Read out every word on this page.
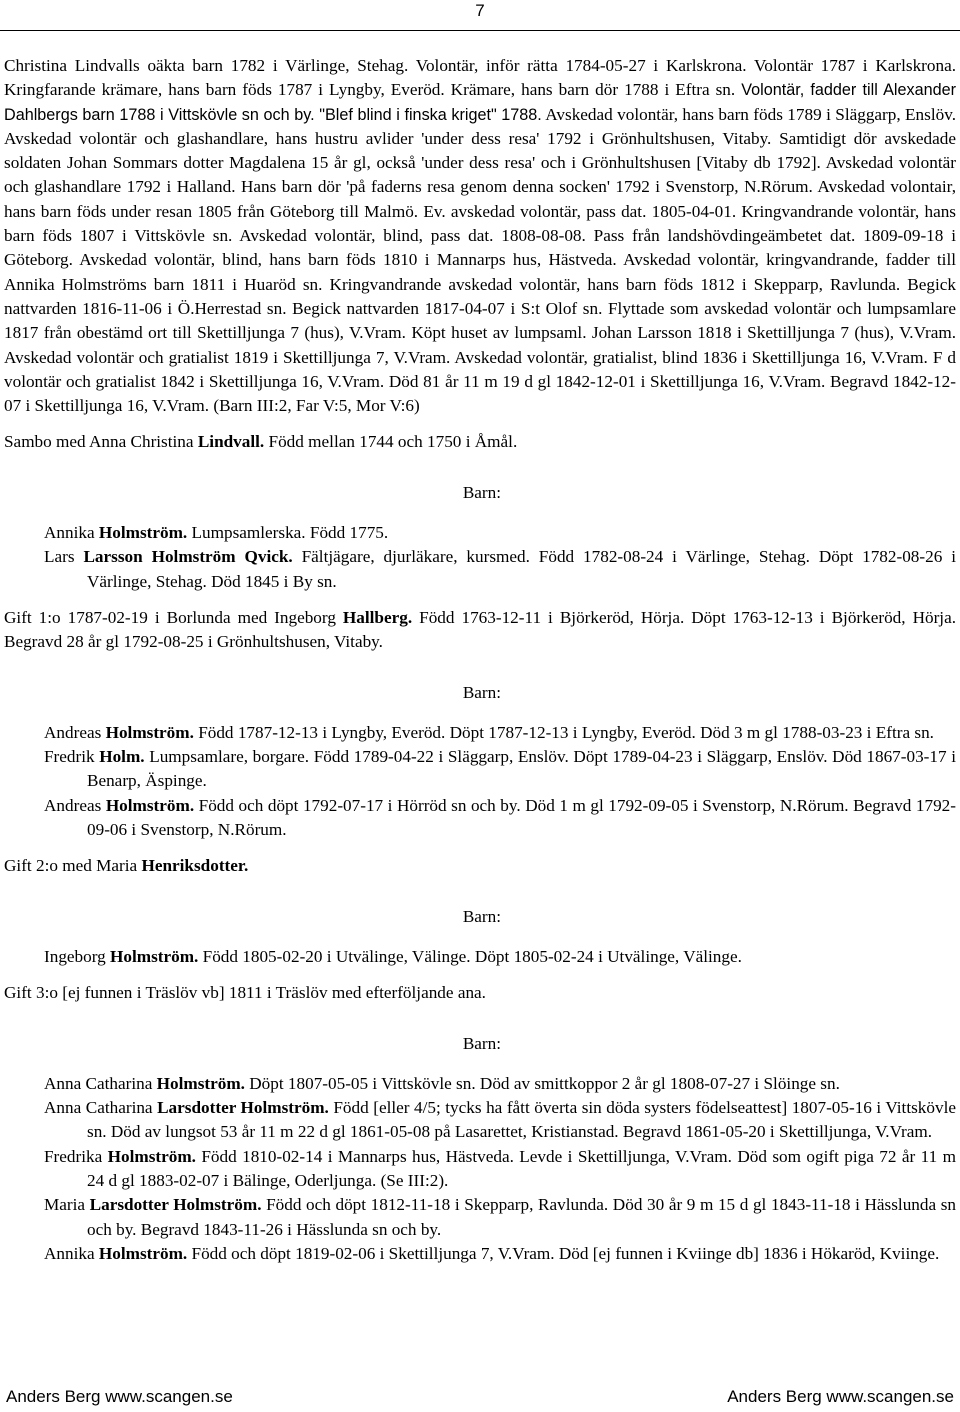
7

Christina Lindvalls oäkta barn 1782 i Värlinge, Stehag. Volontär, inför rätta 1784-05-27 i Karlskrona. Volontär 1787 i Karlskrona. Kringfarande krämare, hans barn föds 1787 i Lyngby, Everöd. Krämare, hans barn dör 1788 i Eftra sn. Volontär, fadder till Alexander Dahlbergs barn 1788 i Vittskövle sn och by. "Blef blind i finska kriget" 1788. Avskedad volontär, hans barn föds 1789 i Släggarp, Enslöv. Avskedad volontär och glashandlare, hans hustru avlider 'under dess resa' 1792 i Grönhultshusen, Vitaby. Samtidigt dör avskedade soldaten Johan Sommars dotter Magdalena 15 år gl, också 'under dess resa' och i Grönhultshusen [Vitaby db 1792]. Avskedad volontär och glashandlare 1792 i Halland. Hans barn dör 'på faderns resa genom denna socken' 1792 i Svenstorp, N.Rörum. Avskedad volontair, hans barn föds under resan 1805 från Göteborg till Malmö. Ev. avskedad volontär, pass dat. 1805-04-01. Kringvandrande volontär, hans barn föds 1807 i Vittskövle sn. Avskedad volontär, blind, pass dat. 1808-08-08. Pass från landshövdingeämbetet dat. 1809-09-18 i Göteborg. Avskedad volontär, blind, hans barn föds 1810 i Mannarps hus, Hästveda. Avskedad volontär, kringvandrande, fadder till Annika Holmströms barn 1811 i Huaröd sn. Kringvandrande avskedad volontär, hans barn föds 1812 i Skepparp, Ravlunda. Begick nattvarden 1816-11-06 i Ö.Herrestad sn. Begick nattvarden 1817-04-07 i S:t Olof sn. Flyttade som avskedad volontär och lumpsamlare 1817 från obestämd ort till Skettilljunga 7 (hus), V.Vram. Köpt huset av lumpsaml. Johan Larsson 1818 i Skettilljunga 7 (hus), V.Vram. Avskedad volontär och gratialist 1819 i Skettilljunga 7, V.Vram. Avskedad volontär, gratialist, blind 1836 i Skettilljunga 16, V.Vram. F d volontär och gratialist 1842 i Skettilljunga 16, V.Vram. Död 81 år 11 m 19 d gl 1842-12-01 i Skettilljunga 16, V.Vram. Begravd 1842-12-07 i Skettilljunga 16, V.Vram. (Barn III:2, Far V:5, Mor V:6)

Sambo med Anna Christina Lindvall. Född mellan 1744 och 1750 i Åmål.

Barn:

Annika Holmström. Lumpsamlerska. Född 1775.

Lars Larsson Holmström Qvick. Fältjägare, djurläkare, kursmed. Född 1782-08-24 i Värlinge, Stehag. Döpt 1782-08-26 i Värlinge, Stehag. Död 1845 i By sn.

Gift 1:o 1787-02-19 i Borlunda med Ingeborg Hallberg. Född 1763-12-11 i Björkeröd, Hörja. Döpt 1763-12-13 i Björkeröd, Hörja. Begravd 28 år gl 1792-08-25 i Grönhultshusen, Vitaby.

Barn:

Andreas Holmström. Född 1787-12-13 i Lyngby, Everöd. Döpt 1787-12-13 i Lyngby, Everöd. Död 3 m gl 1788-03-23 i Eftra sn.

Fredrik Holm. Lumpsamlare, borgare. Född 1789-04-22 i Släggarp, Enslöv. Döpt 1789-04-23 i Släggarp, Enslöv. Död 1867-03-17 i Benarp, Äspinge.

Andreas Holmström. Född och döpt 1792-07-17 i Hörröd sn och by. Död 1 m gl 1792-09-05 i Svenstorp, N.Rörum. Begravd 1792-09-06 i Svenstorp, N.Rörum.

Gift 2:o med Maria Henriksdotter.

Barn:

Ingeborg Holmström. Född 1805-02-20 i Utvälinge, Välinge. Döpt 1805-02-24 i Utvälinge, Välinge.

Gift 3:o [ej funnen i Träslöv vb] 1811 i Träslöv med efterföljande ana.

Barn:

Anna Catharina Holmström. Döpt 1807-05-05 i Vittskövle sn. Död av smittkoppor 2 år gl 1808-07-27 i Slöinge sn.

Anna Catharina Larsdotter Holmström. Född [eller 4/5; tycks ha fått överta sin döda systers födelseattest] 1807-05-16 i Vittskövle sn. Död av lungsot 53 år 11 m 22 d gl 1861-05-08 på Lasarettet, Kristianstad. Begravd 1861-05-20 i Skettilljunga, V.Vram.

Fredrika Holmström. Född 1810-02-14 i Mannarps hus, Hästveda. Levde i Skettilljunga, V.Vram. Död som ogift piga 72 år 11 m 24 d gl 1883-02-07 i Bälinge, Oderljunga. (Se III:2).

Maria Larsdotter Holmström. Född och döpt 1812-11-18 i Skepparp, Ravlunda. Död 30 år 9 m 15 d gl 1843-11-18 i Hässlunda sn och by. Begravd 1843-11-26 i Hässlunda sn och by.

Annika Holmström. Född och döpt 1819-02-06 i Skettilljunga 7, V.Vram. Död [ej funnen i Kviinge db] 1836 i Hökaröd, Kviinge.

Anders Berg www.scangen.se	Anders Berg www.scangen.se
